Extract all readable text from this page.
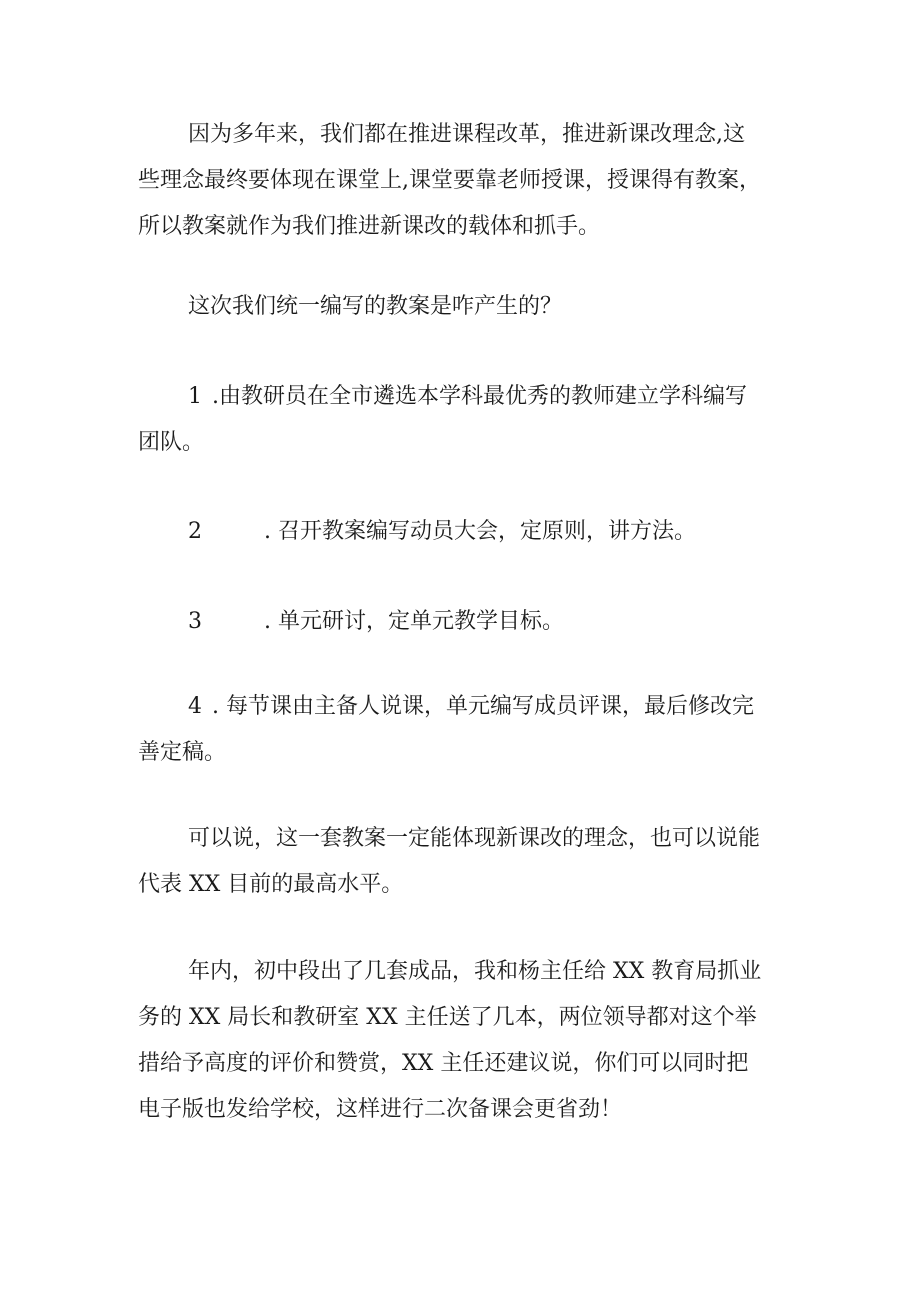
因为多年来，我们都在推进课程改革，推进新课改理念,这
些理念最终要体现在课堂上,课堂要靠老师授课，授课得有教案，
所以教案就作为我们推进新课改的载体和抓手。

这次我们统一编写的教案是咋产生的？

1 .由教研员在全市遴选本学科最优秀的教师建立学科编写
团队。

2	. 召开教案编写动员大会，定原则，讲方法。

3	. 单元研讨，定单元教学目标。

4 . 每节课由主备人说课，单元编写成员评课，最后修改完
善定稿。

可以说，这一套教案一定能体现新课改的理念，也可以说能
代表 XX 目前的最高水平。

年内，初中段出了几套成品，我和杨主任给 XX 教育局抓业
务的 XX 局长和教研室 XX 主任送了几本，两位领导都对这个举
措给予高度的评价和赞赏，XX 主任还建议说，你们可以同时把
电子版也发给学校，这样进行二次备课会更省劲！
